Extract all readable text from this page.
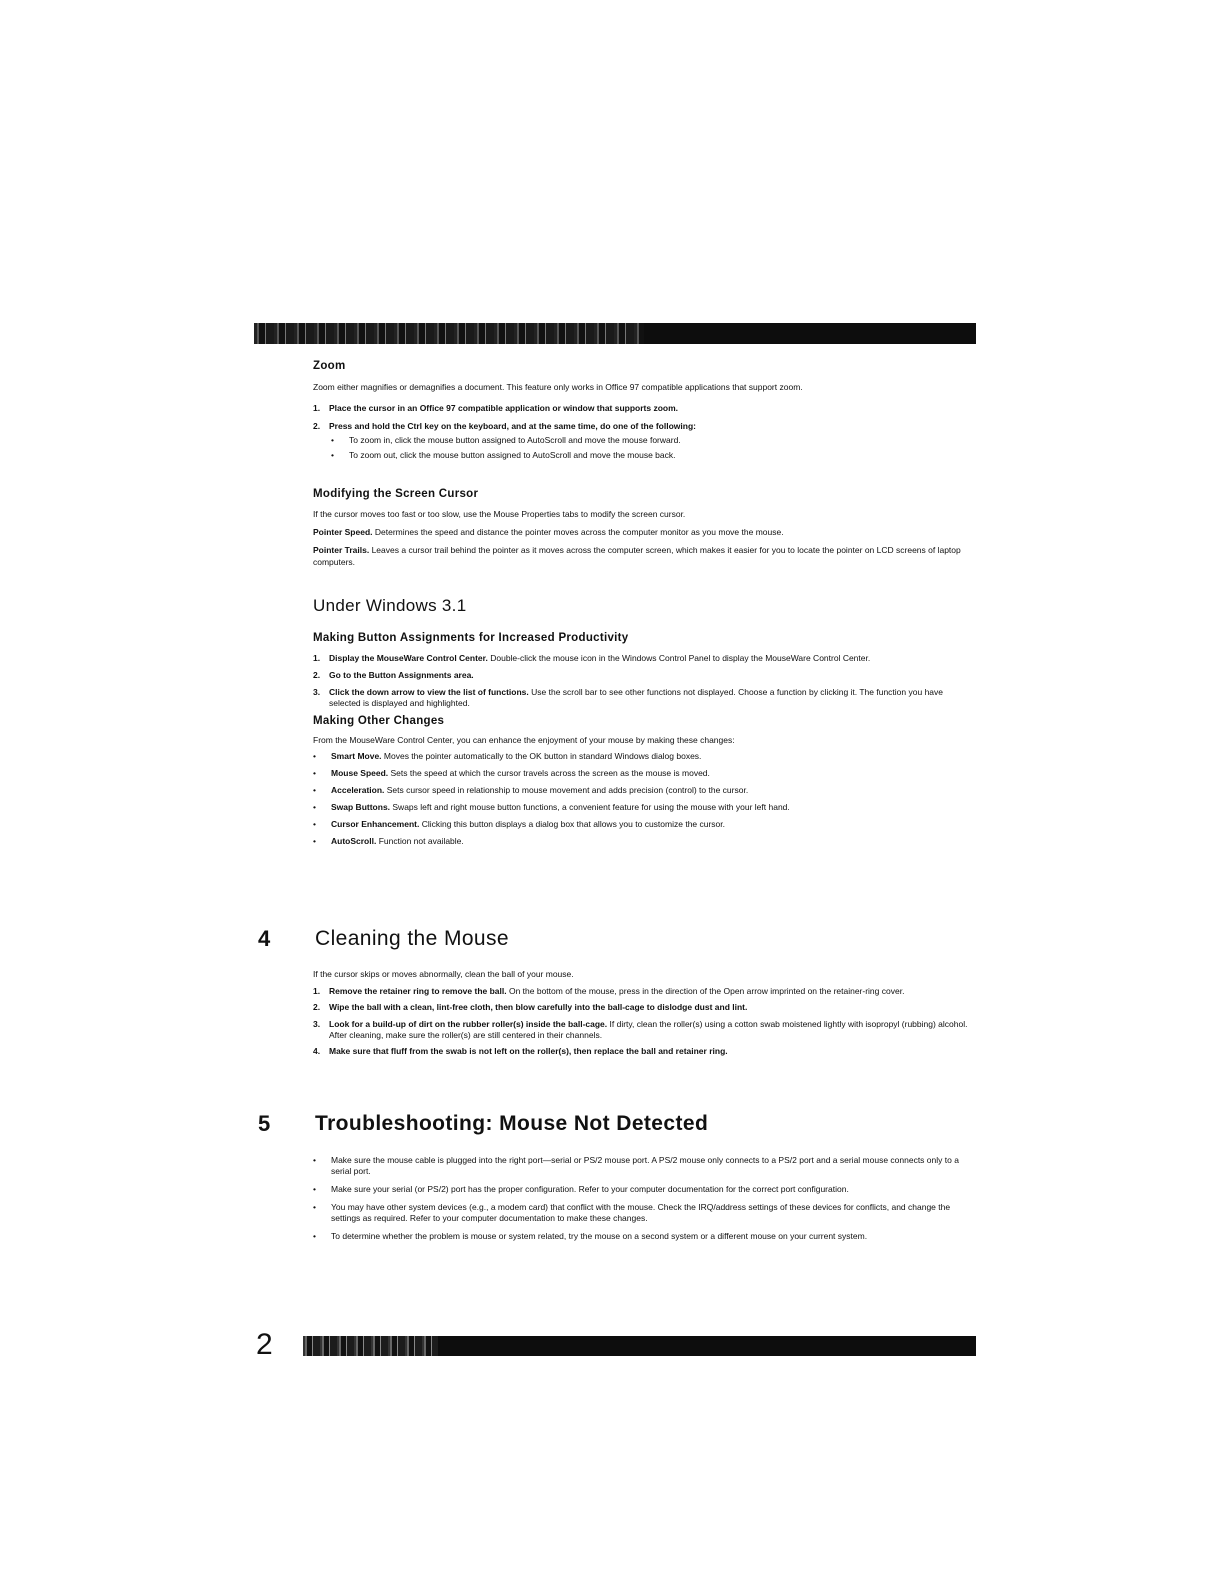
Zoom

Zoom either magnifies or demagnifies a document. This feature only works in Office 97 compatible applications that support zoom.

1.	Place the cursor in an Office 97 compatible application or window that supports zoom.
2.	Press and hold the Ctrl key on the keyboard, and at the same time, do one of the following:
•	To zoom in, click the mouse button assigned to AutoScroll and move the mouse forward.
•	To zoom out, click the mouse button assigned to AutoScroll and move the mouse back.

Modifying the Screen Cursor

If the cursor moves too fast or too slow, use the Mouse Properties tabs to modify the screen cursor.

Pointer Speed. Determines the speed and distance the pointer moves across the computer monitor as you move the mouse.

Pointer Trails. Leaves a cursor trail behind the pointer as it moves across the computer screen, which makes it easier for you to locate the pointer on LCD screens of laptop computers.

Under Windows 3.1

Making Button Assignments for Increased Productivity

1.	Display the MouseWare Control Center. Double-click the mouse icon in the Windows Control Panel to display the MouseWare Control Center.
2.	Go to the Button Assignments area.
3.	Click the down arrow to view the list of functions. Use the scroll bar to see other functions not displayed. Choose a function by clicking it. The function you have selected is displayed and highlighted.

Making Other Changes

From the MouseWare Control Center, you can enhance the enjoyment of your mouse by making these changes:

•	Smart Move. Moves the pointer automatically to the OK button in standard Windows dialog boxes.
•	Mouse Speed. Sets the speed at which the cursor travels across the screen as the mouse is moved.
•	Acceleration. Sets cursor speed in relationship to mouse movement and adds precision (control) to the cursor.
•	Swap Buttons. Swaps left and right mouse button functions, a convenient feature for using the mouse with your left hand.
•	Cursor Enhancement. Clicking this button displays a dialog box that allows you to customize the cursor.
•	AutoScroll. Function not available.
4 Cleaning the Mouse

If the cursor skips or moves abnormally, clean the ball of your mouse.

1.	Remove the retainer ring to remove the ball. On the bottom of the mouse, press in the direction of the Open arrow imprinted on the retainer-ring cover.
2.	Wipe the ball with a clean, lint-free cloth, then blow carefully into the ball-cage to dislodge dust and lint.
3.	Look for a build-up of dirt on the rubber roller(s) inside the ball-cage. If dirty, clean the roller(s) using a cotton swab moistened lightly with isopropyl (rubbing) alcohol. After cleaning, make sure the roller(s) are still centered in their channels.
4.	Make sure that fluff from the swab is not left on the roller(s), then replace the ball and retainer ring.
5 Troubleshooting: Mouse Not Detected
•	Make sure the mouse cable is plugged into the right port—serial or PS/2 mouse port. A PS/2 mouse only connects to a PS/2 port and a serial mouse connects only to a serial port.
•	Make sure your serial (or PS/2) port has the proper configuration. Refer to your computer documentation for the correct port configuration.
•	You may have other system devices (e.g., a modem card) that conflict with the mouse. Check the IRQ/address settings of these devices for conflicts, and change the settings as required. Refer to your computer documentation to make these changes.
•	To determine whether the problem is mouse or system related, try the mouse on a second system or a different mouse on your current system.
2
